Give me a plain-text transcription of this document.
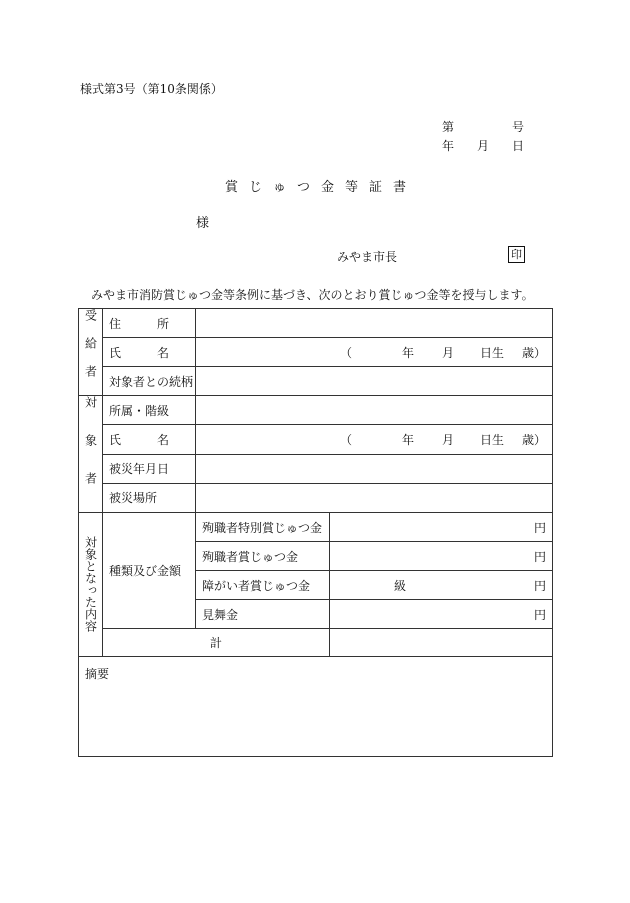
様式第3号（第10条関係）
第	号
年 月 日
賞じゅつ金等証書
様
みやま市長	印
みやま市消防賞じゅつ金等条例に基づき、次のとおり賞じゅつ金等を授与します。
受給者	住　　　所		
	氏　　　名	（ 年 月 日生 歳）	

	対象者との続柄		
対象者	所属・階級		
	氏　　　名	（ 年 月 日生 歳）	

	被災年月日		
	被災場所		
対象となった内容	種類及び金額	殉職者特別賞じゅつ金	円
		殉職者賞じゅつ金	円
		障がい者賞じゅつ金	級 円

		見舞金	円
	計		
摘要			
